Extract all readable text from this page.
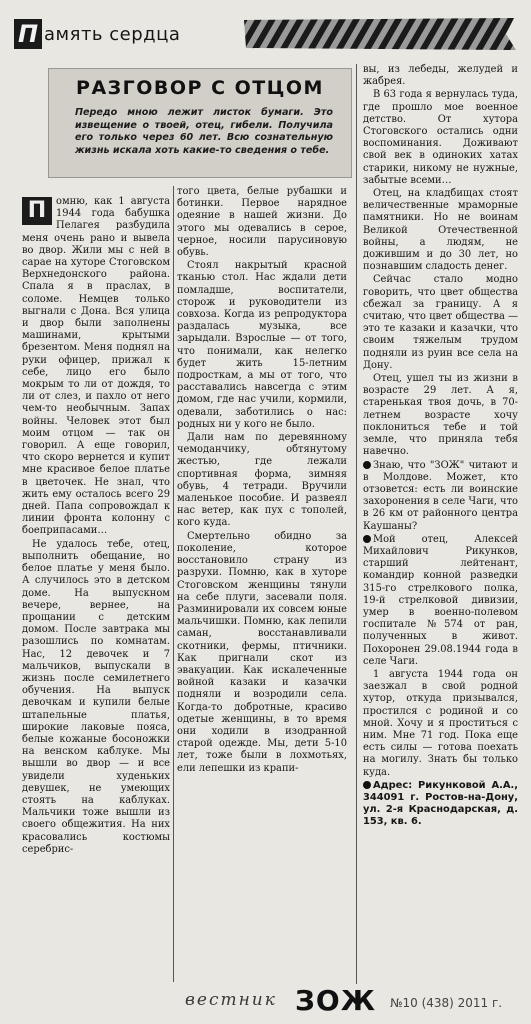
П амять сердца
РАЗГОВОР С ОТЦОМ
Передо мною лежит листок бумаги. Это извещение о твоей, отец, гибели. Получила его только через 60 лет. Всю сознательную жизнь искала хоть какие-то сведения о тебе.

П омню, как 1 августа 1944 года бабушка Пелагея разбудила меня очень рано и вывела во двор. Жили мы с ней в сарае на хуторе Стоговском Верхнедонского района. Спала я в праслах, в соломе. Немцев только выгнали с Дона. Вся улица и двор были заполнены машинами, крытыми брезентом. Меня поднял на руки офицер, прижал к себе, лицо его было мокрым то ли от дождя, то ли от слез, и пахло от него чем-то необычным. Запах войны. Человек этот был моим отцом — так он говорил. А еще говорил, что скоро вернется и купит мне красивое белое платье в цветочек. Не знал, что жить ему осталось всего 29 дней. Папа сопровождал к линии фронта колонну с боеприпасами…

Не удалось тебе, отец, выполнить обещание, но белое платье у меня было. А случилось это в детском доме. На выпускном вечере, вернее, на прощании с детским домом. После завтрака мы разошлись по комнатам. Нас, 12 девочек и 7 мальчиков, выпускали в жизнь после семилетнего обучения. На выпуск девочкам и купили белые штапельные платья, широкие лаковые пояса, белые кожаные босоножки на венском каблуке. Мы вышли во двор — и все увидели худеньких девушек, не умеющих стоять на каблуках. Мальчики тоже вышли из своего общежития. На них красовались костюмы серебрис-

того цвета, белые рубашки и ботинки. Первое нарядное одеяние в нашей жизни. До этого мы одевались в серое, черное, носили парусиновую обувь.

Стоял накрытый красной тканью стол. Нас ждали дети помладше, воспитатели, сторож и руководители из совхоза. Когда из репродуктора раздалась музыка, все зарыдали. Взрослые — от того, что понимали, как нелегко будет жить 15-летним подросткам, а мы от того, что расставались навсегда с этим домом, где нас учили, кормили, одевали, заботились о нас: родных ни у кого не было.

Дали нам по деревянному чемоданчику, обтянутому жестью, где лежали спортивная форма, зимняя обувь, 4 тетради. Вручили маленькое пособие. И развеял нас ветер, как пух с тополей, кого куда.

Смертельно обидно за поколение, которое восстановило страну из разрухи. Помню, как в хуторе Стоговском женщины тянули на себе плуги, засевали поля. Разминировали их совсем юные мальчишки. Помню, как лепили саман, восстанавливали скотники, фермы, птичники. Как пригнали скот из эвакуации. Как искалеченные войной казаки и казачки подняли и возродили села. Когда-то добротные, красиво одетые женщины, в то время они ходили в изодранной старой одежде. Мы, дети 5-10 лет, тоже были в лохмотьях, ели лепешки из крапи-

вы, из лебеды, желудей и жабрея.

В 63 года я вернулась туда, где прошло мое военное детство. От хутора Стоговского остались одни воспоминания. Доживают свой век в одиноких хатах старики, никому не нужные, забытые всеми…

Отец, на кладбищах стоят величественные мраморные памятники. Но не воинам Великой Отечественной войны, а людям, не дожившим и до 30 лет, но познавшим сладость денег.

Сейчас стало модно говорить, что цвет общества сбежал за границу. А я считаю, что цвет общества — это те казаки и казачки, что своим тяжелым трудом подняли из руин все села на Дону.

Отец, ушел ты из жизни в возрасте 29 лет. А я, старенькая твоя дочь, в 70-летнем возрасте хочу поклониться тебе и той земле, что приняла тебя навечно.

Знаю, что "ЗОЖ" читают и в Молдове. Может, кто отзовется: есть ли воинские захоронения в селе Чаги, что в 26 км от районного центра Каушаны?

Мой отец, Алексей Михайлович Рикунков, старший лейтенант, командир конной разведки 315-го стрелкового полка, 19-й стрелковой дивизии, умер в военно-полевом госпитале №574 от ран, полученных в живот. Похоронен 29.08.1944 года в селе Чаги.

1 августа 1944 года он заезжал в свой родной хутор, откуда призывался, простился с родиной и со мной. Хочу и я проститься с ним. Мне 71 год. Пока еще есть силы — готова поехать на могилу. Знать бы только куда.

Адрес: Рикунковой А.А., 344091 г. Ростов-на-Дону, ул. 2-я Краснодарская, д. 153, кв. 6.

вестник ЗОЖ №10 (438) 2011 г.
